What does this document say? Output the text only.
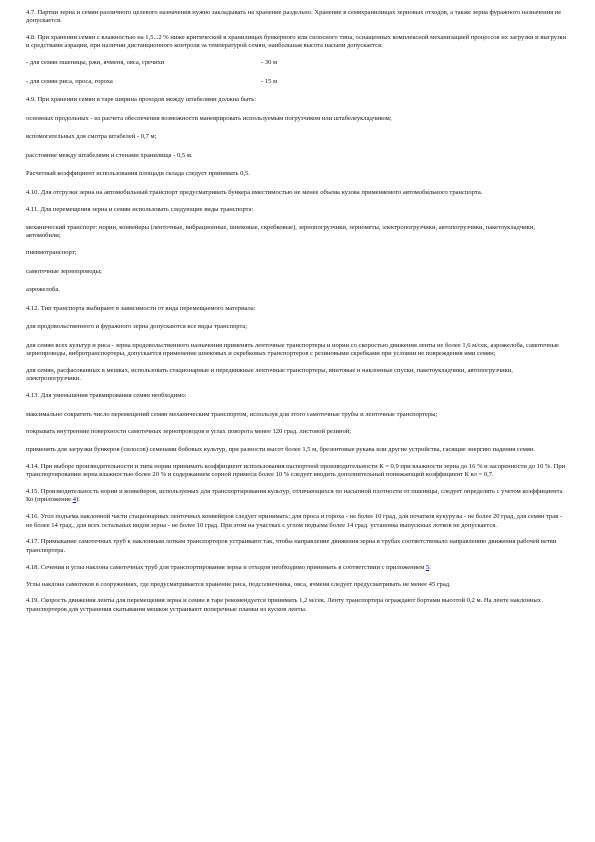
4.7. Партии зерна и семян различного целевого назначения нужно закладывать на хранение раздельно. Хранение в семяхранилищах зерновых отходов, а также зерна фуражного назначения не допускается.

4.8. При хранении семян с влажностью на 1,5...2 % ниже критической в хранилищах бункерного или силосного типа, оснащенных комплексной механизацией процессов их загрузки и выгрузки и средствами аэрации, при наличии дистанционного контроля за температурой семян, наибольшая высота насыпи допускается:

- для семян пшеницы, ржи, ячменя, овса, гречихи	- 30 м
- для семян риса, проса, гороха	- 15 м

4.9. При хранении семян в таре ширина проходов между штабелями должна быть:

основных продольных - из расчета обеспечения возможности маневрировать используемым погрузчиком или штабелеукладчиком;

вспомогательных для смотра штабелей - 0,7 м;

расстояние между штабелями и стенами хранилища - 0,5 м.

Расчетный коэффициент использования площади склада следует принимать 0,5.

4.10. Для отгрузки зерна на автомобильный транспорт предусматривать бункера вместимостью не менее объема кузова применяемого автомобильного транспорта.

4.11. Для перемещения зерна и семян использовать следующие виды транспорта:

механический транспорт: нории, конвейеры (ленточные, вибрационные, шнековые, скребковые), зернопогрузчики, зернометы, электропогрузчики, автопогрузчики, пакетоукладчики, автомобили;

пневмотранспорт;

самотечные зернопроводы;

аэрожелоба.

4.12. Тип транспорта выбирают в зависимости от вида перемещаемого материала:

для продовольственного и фуражного зерна допускаются все виды транспорта;

для семян всех культур и риса - зерна продовольственного назначения применять ленточные транспортеры и нории со скоростью движения ленты не более 1,6 м/сек, аэрожелоба, самотечные зернопроводы, вибротранспортеры, допускается применение шнековых и скребковых транспортеров с резиновыми скребками при условии не повреждения ими семян;

для семян, расфасованных в мешках, использовать стационарные и передвижные ленточные транспортеры, винтовые и наклонные спуски, пакетоукладчики, автопогрузчики, электропогрузчики.

4.13. Для уменьшения травмирования семян необходимо:

максимально сократить число перемещений семян механическим транспортом, используя для этого самотечные трубы и ленточные транспортеры;

покрывать внутренние поверхности самотечных зернопроводов в углах поворота менее 120 град. листовой резиной;

применять для загрузки бункеров (силосов) семенами бобовых культур, при разности высот более 1,5 м, брезентовые рукава или другие устройства, гасящие энергию падения семян.

4.14. При выборе производительности и типа нории принимать коэффициент использования паспортной производительности К = 0,9 при влажности зерна до 16 % и засоренности до 10 %. При транспортировании зерна влажностью более 20 % и содержанием сорной примеси более 10 % следует вводить дополнительный понижающий коэффициент К вл = 0,7.

4.15. Производительность нории и конвейеров, используемых для транспортирования культур, отличающихся по насыпной плотности от пшеницы, следует определять с учетом коэффициента Ко (приложение 4).

4.16. Угол подъема наклонной части стационарных ленточных конвейеров следует принимать: для проса и гороха - не более 10 град, для початков кукурузы - не более 20 град, для семян трав - не более 14 град., для всех остальных видов зерна - не более 10 град. При этом на участках с углом подъема более 14 град. установка выпускных лотков не допускается.

4.17. Примыкание самотечных труб к наклонным лоткам транспортеров устраивают так, чтобы направление движения зерна в трубах соответствовало направлению движения рабочей ветви транспортера.

4.18. Сечения и углы наклона самотечных труб для транспортирования зерна и отходов необходимо принимать в соответствии с приложением 5.

Углы наклона самотеков в сооружениях, где предусматривается хранение риса, подсолнечника, овса, ячменя следует предусматривать не менее 45 град.

4.19. Скорость движения ленты для перемещения зерна и семян в таре рекомендуется принимать 1,2 м/сек. Ленту транспортера ограждают бортами высотой 0,2 м. На ленте наклонных транспортеров для устранения скатывания мешков устраивают поперечные планки из кусков ленты.
